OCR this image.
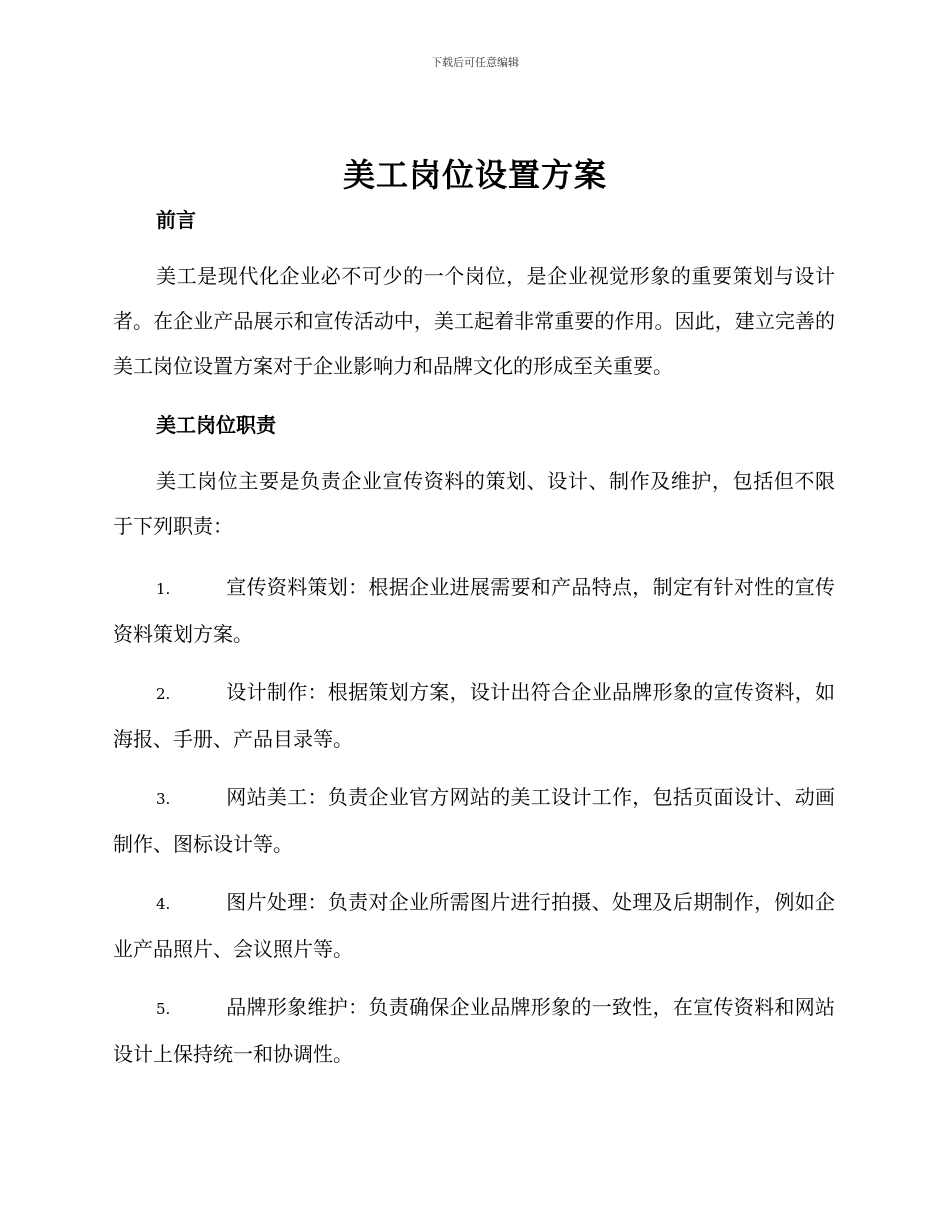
下载后可任意编辑
美工岗位设置方案
前言

美工是现代化企业必不可少的一个岗位，是企业视觉形象的重要策划与设计者。在企业产品展示和宣传活动中，美工起着非常重要的作用。因此，建立完善的美工岗位设置方案对于企业影响力和品牌文化的形成至关重要。

美工岗位职责

美工岗位主要是负责企业宣传资料的策划、设计、制作及维护，包括但不限于下列职责：

1.	宣传资料策划：根据企业进展需要和产品特点，制定有针对性的宣传资料策划方案。
2.	设计制作：根据策划方案，设计出符合企业品牌形象的宣传资料，如海报、手册、产品目录等。
3.	网站美工：负责企业官方网站的美工设计工作，包括页面设计、动画制作、图标设计等。
4.	图片处理：负责对企业所需图片进行拍摄、处理及后期制作，例如企业产品照片、会议照片等。
5.	品牌形象维护：负责确保企业品牌形象的一致性，在宣传资料和网站设计上保持统一和协调性。
